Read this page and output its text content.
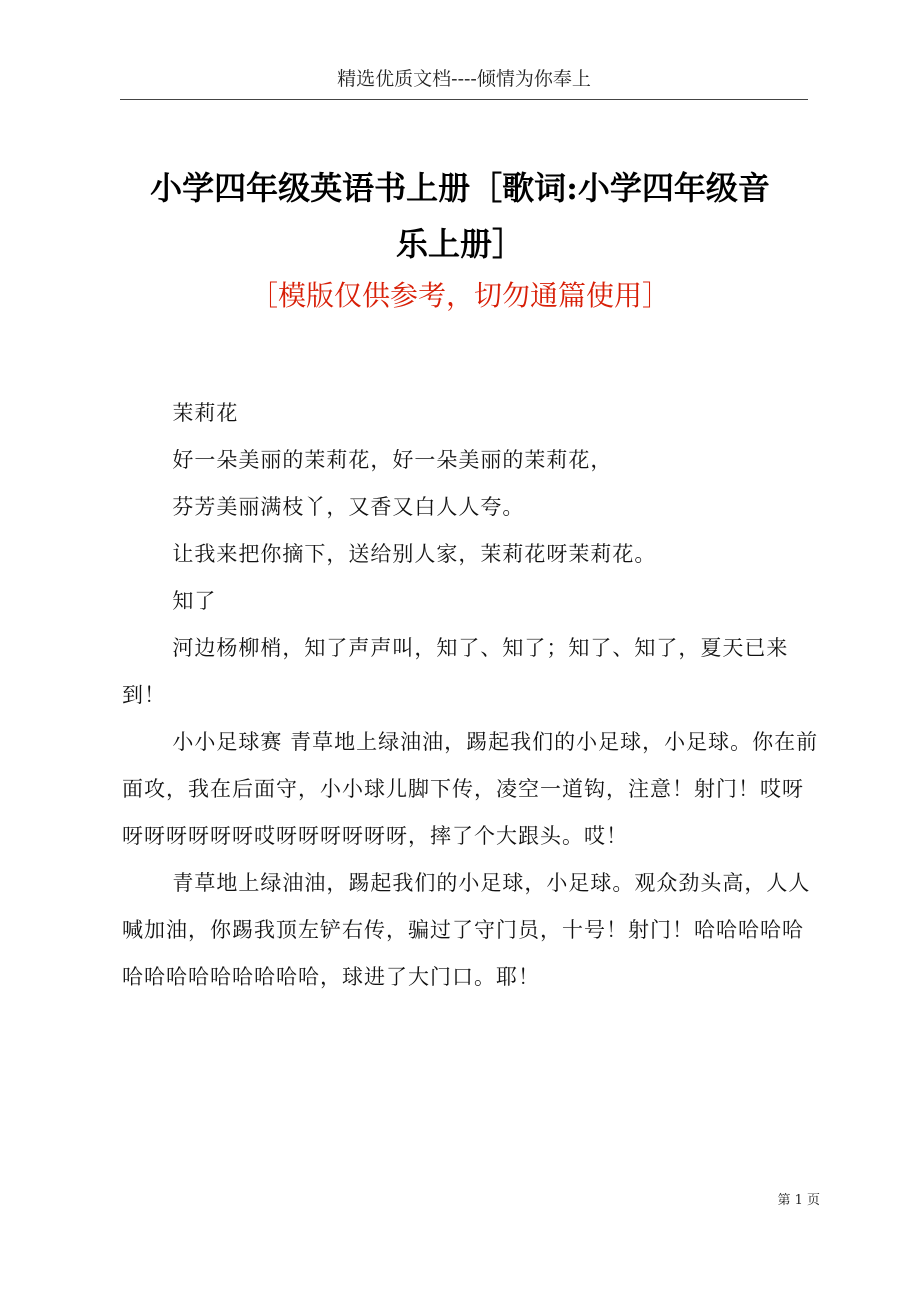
精选优质文档----倾情为你奉上
小学四年级英语书上册［歌词:小学四年级音
乐上册］
［模版仅供参考，切勿通篇使用］

茉莉花

好一朵美丽的茉莉花，好一朵美丽的茉莉花，

芬芳美丽满枝丫，又香又白人人夸。

让我来把你摘下，送给别人家，茉莉花呀茉莉花。

知了

河边杨柳梢，知了声声叫，知了、知了；知了、知了，夏天已来到！

小小足球赛 青草地上绿油油，踢起我们的小足球，小足球。你在前面攻，我在后面守，小小球儿脚下传，凌空一道钩，注意！射门！哎呀呀呀呀呀呀呀哎呀呀呀呀呀呀，摔了个大跟头。哎！

青草地上绿油油，踢起我们的小足球，小足球。观众劲头高，人人喊加油，你踢我顶左铲右传，骗过了守门员，十号！射门！哈哈哈哈哈哈哈哈哈哈哈哈哈哈，球进了大门口。耶！

第 1 页
